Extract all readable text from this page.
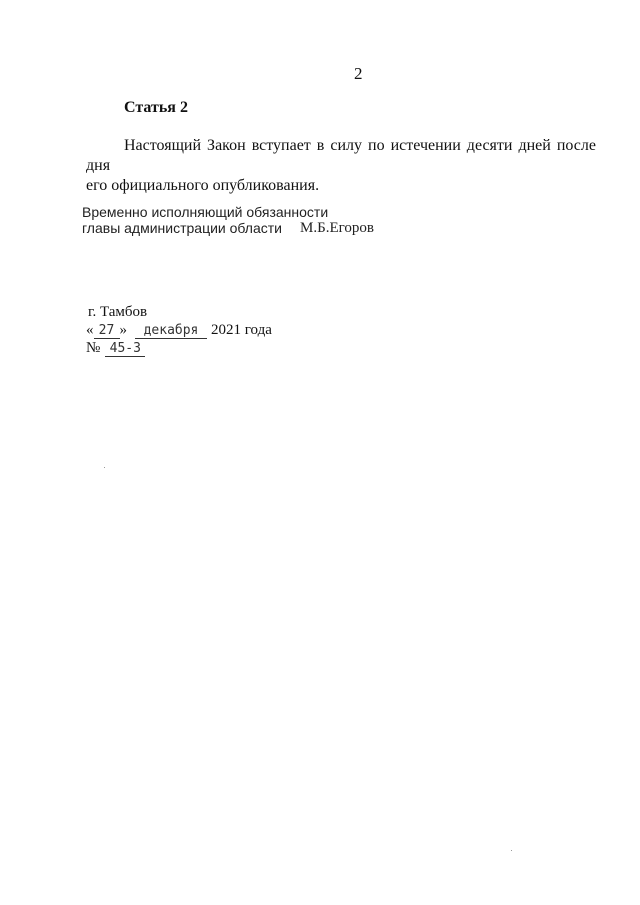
2
Статья 2
Настоящий Закон вступает в силу по истечении десяти дней после дня
его официального опубликования.
Временно исполняющий обязанности
главы администрации области М.Б.Егоров
г. Тамбов
« 27 »	декабря 2021 года
№ 45-З
